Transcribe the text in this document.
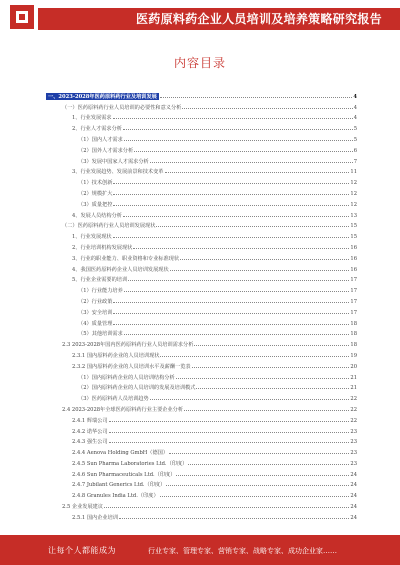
医药原料药企业人员培训及培养策略研究报告
内容目录
一、2023-2028年医药原料药行业及培训发展	4
（一）医药原料药行业人员培训的必要性和意义分析	4
1、行业发展需求	4
2、行业人才需求分析	5
（1）国内人才需求	5
（2）国外人才需求分析	6
（3）发展中国家人才需求分析	7
3、行业发展趋势、发展前景和技术变革	11
（1）技术创新	12
（2）规模扩大	12
（3）质量把控	12
4、发展人员结构分析	13
（二）医药原料药行业人员培训发展现状	15
1、行业发展现状	15
2、行业培训机构发展现状	16
3、行业的职业能力、职业资格和专业标准现状	16
4、我国医药原料药企业人员培训发展现状	16
5、行业企业需要的培训	17
（1）行业能力培养	17
（2）行业政策	17
（3）安全培训	17
（4）质量管理	18
（5）其他培训需求	18
2.3 2023-2028年国内医药原料药行业人员培训需求分析	18
2.3.1 国内原料药企业的人员培训现状	19
2.3.2 国内原料药企业的人员培训水平及薪酬一览表	20
（1）国内原料药企业的人员培训结构分析	21
（2）国内原料药企业的人员培训的发展及培训模式	21
（3）医药原料药人员培训趋势	22
2.4 2023-2028年全球医药原料药行业主要企业分析	22
2.4.1 辉瑞公司	22
2.4.2 诺华公司	23
2.4.3 强生公司	23
2.4.4 Aenova Holding GmbH（德国）	23
2.4.5 Sun Pharma Laboratories Ltd.（印度）	23
2.4.6 Sun Pharmaceuticals Ltd.（印度）	24
2.4.7 Jubilant Generics Ltd.（印度）	24
2.4.8 Granules India Ltd.（印度）	24
2.5 企业发展建议	24
2.5.1 国内企业培训	24
让每个人都能成为	行业专家、管理专家、营销专家、战略专家、成功企业家……
